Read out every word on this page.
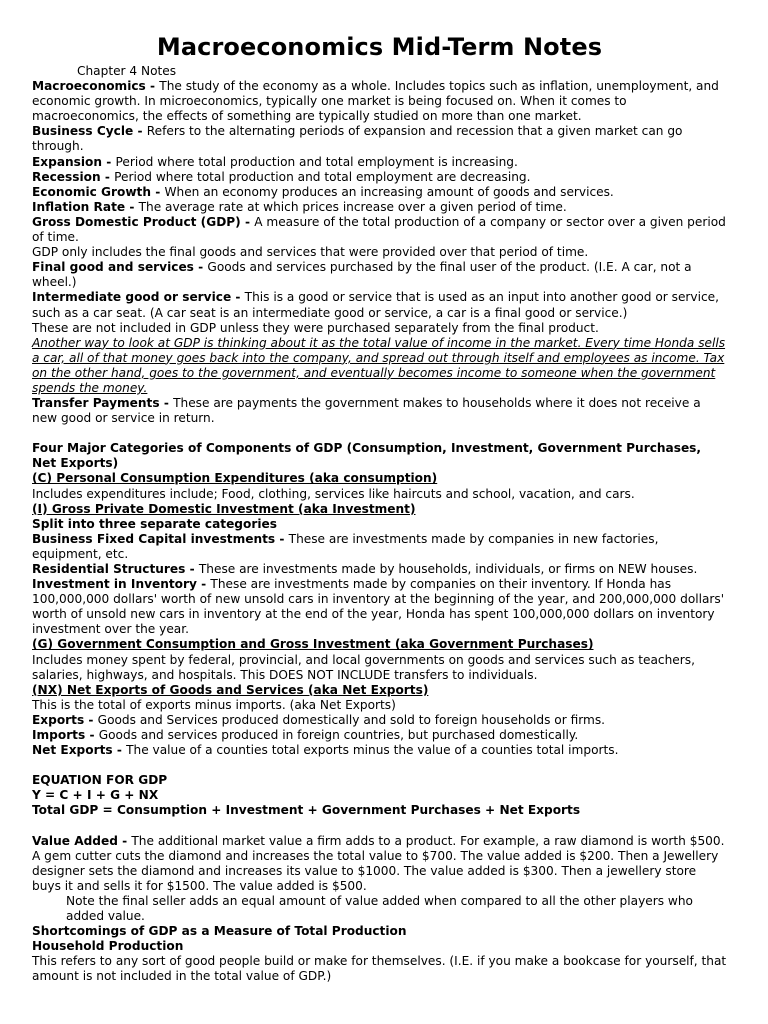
Macroeconomics Mid-Term Notes

Chapter 4 Notes

Macroeconomics - The study of the economy as a whole. Includes topics such as inflation, unemployment, and economic growth. In microeconomics, typically one market is being focused on. When it comes to macroeconomics, the effects of something are typically studied on more than one market.

Business Cycle - Refers to the alternating periods of expansion and recession that a given market can go through.

Expansion - Period where total production and total employment is increasing.

Recession - Period where total production and total employment are decreasing.

Economic Growth - When an economy produces an increasing amount of goods and services.

Inflation Rate - The average rate at which prices increase over a given period of time.

Gross Domestic Product (GDP) - A measure of the total production of a company or sector over a given period of time.

GDP only includes the final goods and services that were provided over that period of time.

Final good and services - Goods and services purchased by the final user of the product. (I.E. A car, not a wheel.)

Intermediate good or service - This is a good or service that is used as an input into another good or service, such as a car seat. (A car seat is an intermediate good or service, a car is a final good or service.)

These are not included in GDP unless they were purchased separately from the final product.

Another way to look at GDP is thinking about it as the total value of income in the market. Every time Honda sells a car, all of that money goes back into the company, and spread out through itself and employees as income. Tax on the other hand, goes to the government, and eventually becomes income to someone when the government spends the money.

Transfer Payments - These are payments the government makes to households where it does not receive a new good or service in return.

Four Major Categories of Components of GDP (Consumption, Investment, Government Purchases, Net Exports)

(C) Personal Consumption Expenditures (aka consumption)

Includes expenditures include; Food, clothing, services like haircuts and school, vacation, and cars.

(I) Gross Private Domestic Investment (aka Investment)

Split into three separate categories

Business Fixed Capital investments - These are investments made by companies in new factories, equipment, etc.

Residential Structures - These are investments made by households, individuals, or firms on NEW houses.

Investment in Inventory - These are investments made by companies on their inventory. If Honda has 100,000,000 dollars' worth of new unsold cars in inventory at the beginning of the year, and 200,000,000 dollars' worth of unsold new cars in inventory at the end of the year, Honda has spent 100,000,000 dollars on inventory investment over the year.

(G) Government Consumption and Gross Investment (aka Government Purchases)

Includes money spent by federal, provincial, and local governments on goods and services such as teachers, salaries, highways, and hospitals. This DOES NOT INCLUDE transfers to individuals.

(NX) Net Exports of Goods and Services (aka Net Exports)

This is the total of exports minus imports. (aka Net Exports)

Exports - Goods and Services produced domestically and sold to foreign households or firms.

Imports - Goods and services produced in foreign countries, but purchased domestically.

Net Exports - The value of a counties total exports minus the value of a counties total imports.

EQUATION FOR GDP

Y = C + I + G + NX

Total GDP = Consumption + Investment + Government Purchases + Net Exports

Value Added - The additional market value a firm adds to a product. For example, a raw diamond is worth $500. A gem cutter cuts the diamond and increases the total value to $700. The value added is $200. Then a Jewellery designer sets the diamond and increases its value to $1000. The value added is $300. Then a jewellery store buys it and sells it for $1500. The value added is $500.

Note the final seller adds an equal amount of value added when compared to all the other players who added value.

Shortcomings of GDP as a Measure of Total Production

Household Production

This refers to any sort of good people build or make for themselves. (I.E. if you make a bookcase for yourself, that amount is not included in the total value of GDP.)
